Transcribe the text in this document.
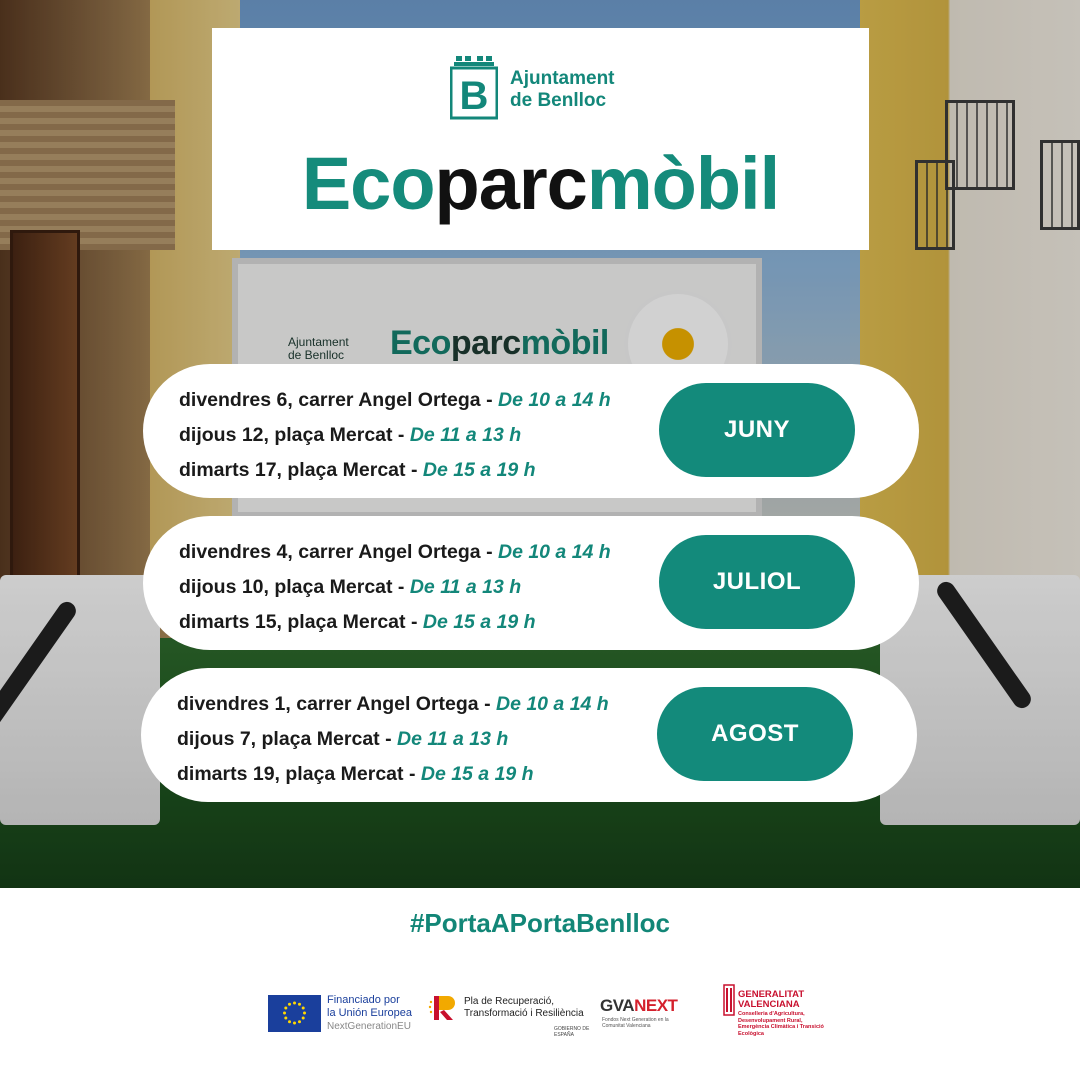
Ajuntament
de Benlloc Ecoparcmòbil
B Ajuntament
de Benlloc
Ecoparcmòbil
divendres 6, carrer Angel Ortega - De 10 a 14 h
dijous 12, plaça Mercat - De 11 a 13 h
dimarts 17, plaça Mercat - De 15 a 19 h
JUNY
divendres 4, carrer Angel Ortega - De 10 a 14 h
dijous 10, plaça Mercat - De 11 a 13 h
dimarts 15, plaça Mercat - De 15 a 19 h
JULIOL
divendres 1, carrer Angel Ortega - De 10 a 14 h
dijous 7, plaça Mercat - De 11 a 13 h
dimarts 19, plaça Mercat - De 15 a 19 h
AGOST
#PortaAPortaBenlloc
Financiado por
la Unión Europea
NextGenerationEU
Pla de Recuperació,
Transformació i Resiliència
GOBIERNO DE ESPAÑA
GVANEXT
Fondos Next Generation en la Comunitat Valenciana
GENERALITAT
VALENCIANA
Conselleria d'Agricultura, Desenvolupament Rural, Emergència Climàtica i Transició Ecològica
